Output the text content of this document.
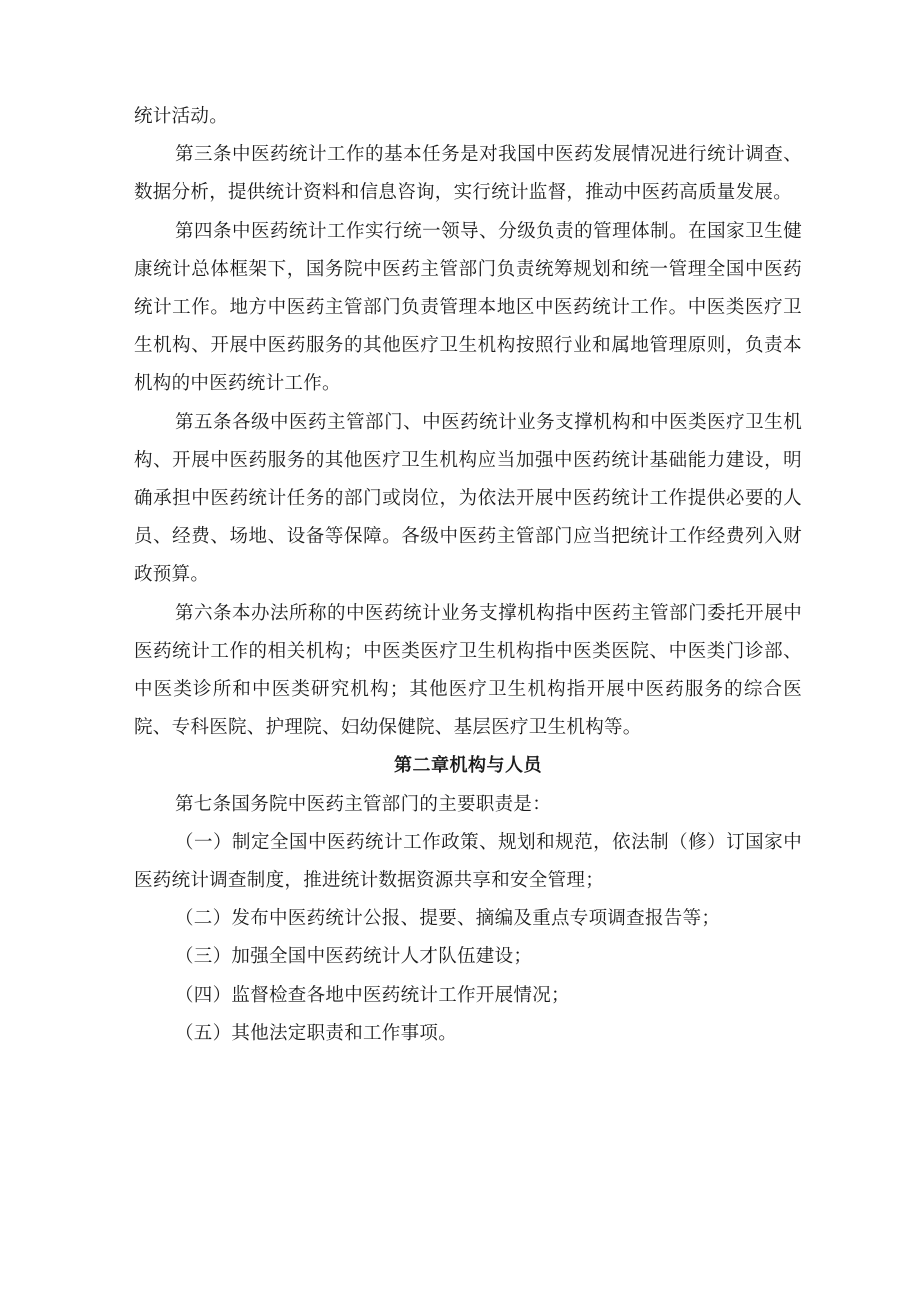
统计活动。

第三条中医药统计工作的基本任务是对我国中医药发展情况进行统计调查、数据分析，提供统计资料和信息咨询，实行统计监督，推动中医药高质量发展。

第四条中医药统计工作实行统一领导、分级负责的管理体制。在国家卫生健康统计总体框架下，国务院中医药主管部门负责统筹规划和统一管理全国中医药统计工作。地方中医药主管部门负责管理本地区中医药统计工作。中医类医疗卫生机构、开展中医药服务的其他医疗卫生机构按照行业和属地管理原则，负责本机构的中医药统计工作。

第五条各级中医药主管部门、中医药统计业务支撑机构和中医类医疗卫生机构、开展中医药服务的其他医疗卫生机构应当加强中医药统计基础能力建设，明确承担中医药统计任务的部门或岗位，为依法开展中医药统计工作提供必要的人员、经费、场地、设备等保障。各级中医药主管部门应当把统计工作经费列入财政预算。

第六条本办法所称的中医药统计业务支撑机构指中医药主管部门委托开展中医药统计工作的相关机构；中医类医疗卫生机构指中医类医院、中医类门诊部、中医类诊所和中医类研究机构；其他医疗卫生机构指开展中医药服务的综合医院、专科医院、护理院、妇幼保健院、基层医疗卫生机构等。

第二章机构与人员

第七条国务院中医药主管部门的主要职责是：

（一）制定全国中医药统计工作政策、规划和规范，依法制（修）订国家中医药统计调查制度，推进统计数据资源共享和安全管理；

（二）发布中医药统计公报、提要、摘编及重点专项调查报告等；

（三）加强全国中医药统计人才队伍建设；

（四）监督检查各地中医药统计工作开展情况；

（五）其他法定职责和工作事项。
